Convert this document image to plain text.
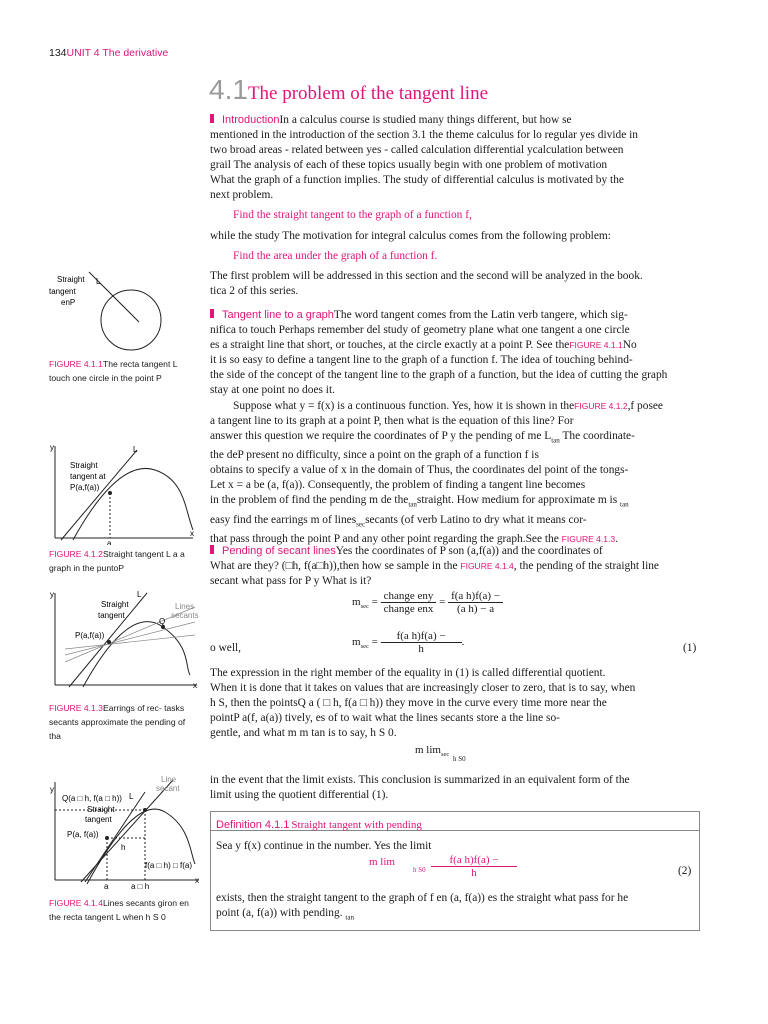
134UNIT 4 The derivative
4.1The problem of the tangent line
IntroductionIn a calculus course is studied many things different, but how se
mentioned in the introduction of the section 3.1 the theme calculus for lo regular yes divide in
two broad areas - related between yes - called calculation differential ycalculation between
grail The analysis of each of these topics usually begin with one problem of motivation
What the graph of a function implies. The study of differential calculus is motivated by the
next problem.
Find the straight tangent to the graph of a function f,
while the study The motivation for integral calculus comes from the following problem:
Find the area under the graph of a function f.
The first problem will be addressed in this section and the second will be analyzed in the book.
tica 2 of this series.
Tangent line to a graphThe word tangent comes from the Latin verb tangere, which sig-
nifica to touch Perhaps remember del study of geometry plane what one tangent a one circle
es a straight line that short, or touches, at the circle exactly at a point P. See theFIGURE 4.1.1No
it is so easy to define a tangent line to the graph of a function f. The idea of touching behind-
the side of the concept of the tangent line to the graph of a function, but the idea of cutting the graph
stay at one point no does it.
Suppose what y = f(x) is a continuous function. Yes, how it is shown in theFIGURE 4.1.2,f posee
a tangent line to its graph at a point P, then what is the equation of this line? For
answer this question we require the coordinates of P y the pending of me $L_{tan}$ The coordinate-
the deP present no difficulty, since a point on the graph of a function f is
obtains to specify a value of x in the domain of Thus, the coordinates del point of the tongs-
Let x = a be (a, f(a)). Consequently, the problem of finding a tangent line becomes
in the problem of find the pending m de the$_{tan}$straight. How medium for approximate m is $_{tan}$
easy find the earrings m of lines$_{sec}$secants (of verb Latino to dry what it means cor-
that pass through the point P and any other point regarding the graph.See the FIGURE 4.1.3.
Pending of secant linesYes the coordinates of P son (a,f(a)) and the coordinates of
What are they? (□h, f(a□h)),then how se sample in the FIGURE 4.1.4, the pending of the straight line
secant what pass for P y What is it?
$m_{sec} = \frac{\text{change eny}}{\text{change enx}} = \frac{\text{f(a h)f(a) −}}{\text{(a h) − a}}$
o well,	$m_{sec} = \frac{\text{f(a h)f(a) −}}{h}$ .	(1)
The expression in the right member of the equality in (1) is called differential quotient.
When it is done that it takes on values that are increasingly closer to zero, that is to say, when
h S, then the pointsQ a ( □ h, f(a □ h)) they move in the curve every time more near the
pointP a(f, a(a)) tively, es of to wait what the lines secants store a the line so-
gentle, and what m m tan is to say, h S 0.
m $\lim_{sec}$
h S0
in the event that the limit exists. This conclusion is summarized in an equivalent form of the
limit using the quotient differential (1).
Definition 4.1.1 Straight tangent with pending
Sea y f(x) continue in the number. Yes the limit
m lim
h $S0 \frac{\text{f(a h)f(a) −}}{h}$	(2)
exists, then the straight tangent to the graph of f en (a, f(a)) es the straight what pass for he
point (a, f(a)) with pending. $_{tan}$
Straight L
tangent
enP
FIGURE 4.1.1The recta tangent L touch one circle in the point P
y	L
x
a
Straight
tangent at
P(a,f(a))
FIGURE 4.1.2Straight tangent L a a graph in the puntoP
y	L
x
Straight
tangent
Lines
secants
Q
P(a,f(a))
FIGURE 4.1.3Earrings of rec- tasks secants approximate the pending of tha
y
L
x
Line
secant
Q(a □ h, f(a □ h))
Straight
tangent
P(a, f(a))
h
f(a □ h) □ f(a)
a	a □ h
FIGURE 4.1.4Lines secants giron en the recta tangent L when h S 0
